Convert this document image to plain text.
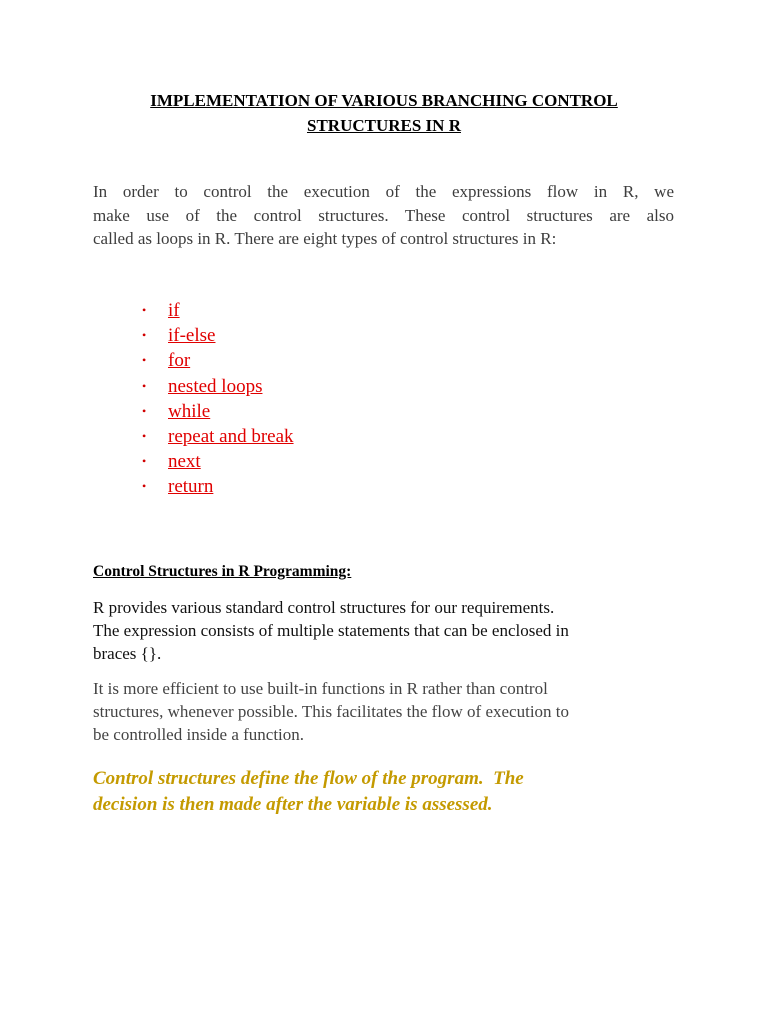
IMPLEMENTATION OF VARIOUS BRANCHING CONTROL
STRUCTURES IN R
In order to control the execution of the expressions flow in R, we
make use of the control structures. These control structures are also
called as loops in R. There are eight types of control structures in R:
• if
• if-else
• for
• nested loops
• while
• repeat and break
• next
• return
Control Structures in R Programming:
R provides various standard control structures for our requirements.
The expression consists of multiple statements that can be enclosed in
braces {}.
It is more efficient to use built-in functions in R rather than control
structures, whenever possible. This facilitates the flow of execution to
be controlled inside a function.
Control structures define the flow of the program.  The
decision is then made after the variable is assessed.
